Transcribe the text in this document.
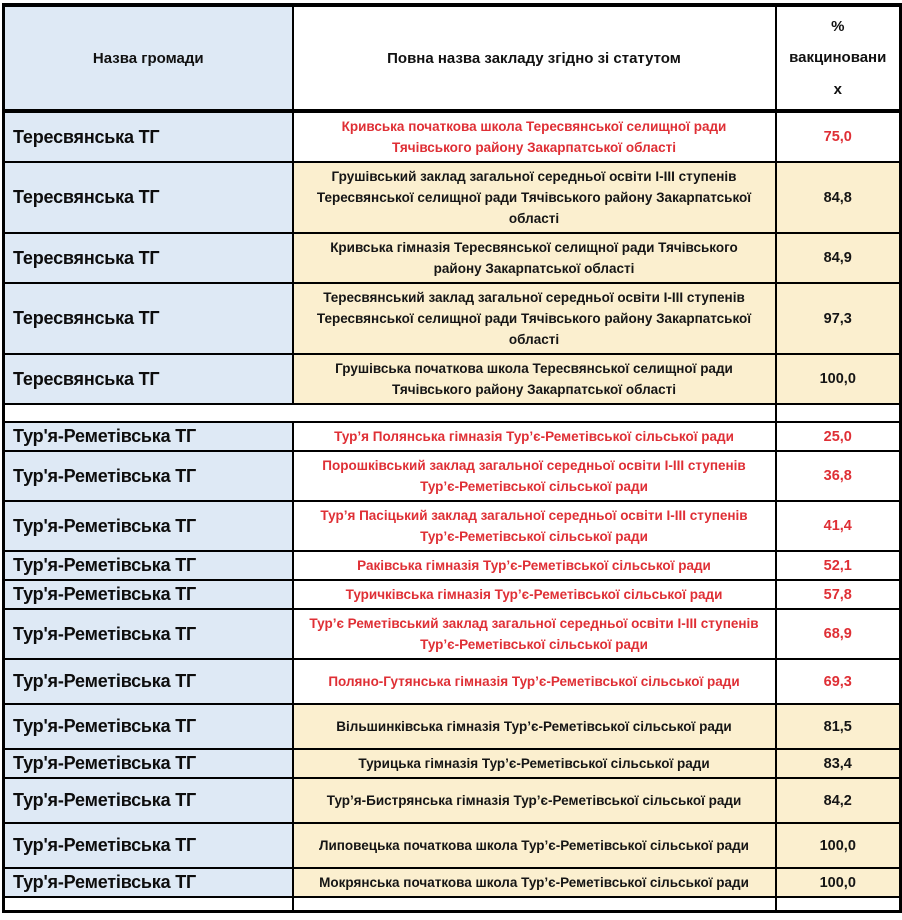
Назва громади	Повна назва закладу згідно зі статутом	% вакцинованих
Тересвянська ТГ	Кривська початкова школа Тересвянської селищної ради Тячівського району Закарпатської області	75,0
Тересвянська ТГ	Грушівський заклад загальної середньої освіти І-ІІІ ступенів Тересвянської селищної ради Тячівського району Закарпатської області	84,8
Тересвянська ТГ	Кривська гімназія Тересвянської селищної ради Тячівського району Закарпатської області	84,9
Тересвянська ТГ	Тересвянський заклад загальної середньої освіти І-ІІІ ступенів Тересвянської селищної ради Тячівського району Закарпатської області	97,3
Тересвянська ТГ	Грушівська початкова школа Тересвянської селищної ради Тячівського району Закарпатської області	100,0

Тур'я-Реметівська ТГ	Тур’я Полянська гімназія Тур’є-Реметівської сільської ради	25,0
Тур'я-Реметівська ТГ	Порошківський заклад загальної середньої освіти І-ІІІ ступенів Тур’є-Реметівської сільської ради	36,8
Тур'я-Реметівська ТГ	Тур’я Пасіцький заклад загальної середньої освіти І-ІІІ ступенів Тур’є-Реметівської сільської ради	41,4
Тур'я-Реметівська ТГ	Раківська гімназія Тур’є-Реметівської сільської ради	52,1
Тур'я-Реметівська ТГ	Туричківська гімназія Тур’є-Реметівської сільської ради	57,8
Тур'я-Реметівська ТГ	Тур’є Реметівський заклад загальної середньої освіти І-ІІІ ступенів Тур’є-Реметівської сільської ради	68,9
Тур'я-Реметівська ТГ	Поляно-Гутянська гімназія Тур’є-Реметівської сільської ради	69,3
Тур'я-Реметівська ТГ	Вільшинківська гімназія Тур’є-Реметівської сільської ради	81,5
Тур'я-Реметівська ТГ	Турицька гімназія Тур’є-Реметівської сільської ради	83,4
Тур'я-Реметівська ТГ	Тур’я-Бистрянська гімназія Тур’є-Реметівської сільської ради	84,2
Тур'я-Реметівська ТГ	Липовецька початкова школа Тур’є-Реметівської сільської ради	100,0
Тур'я-Реметівська ТГ	Мокрянська початкова школа Тур’є-Реметівської сільської ради	100,0
